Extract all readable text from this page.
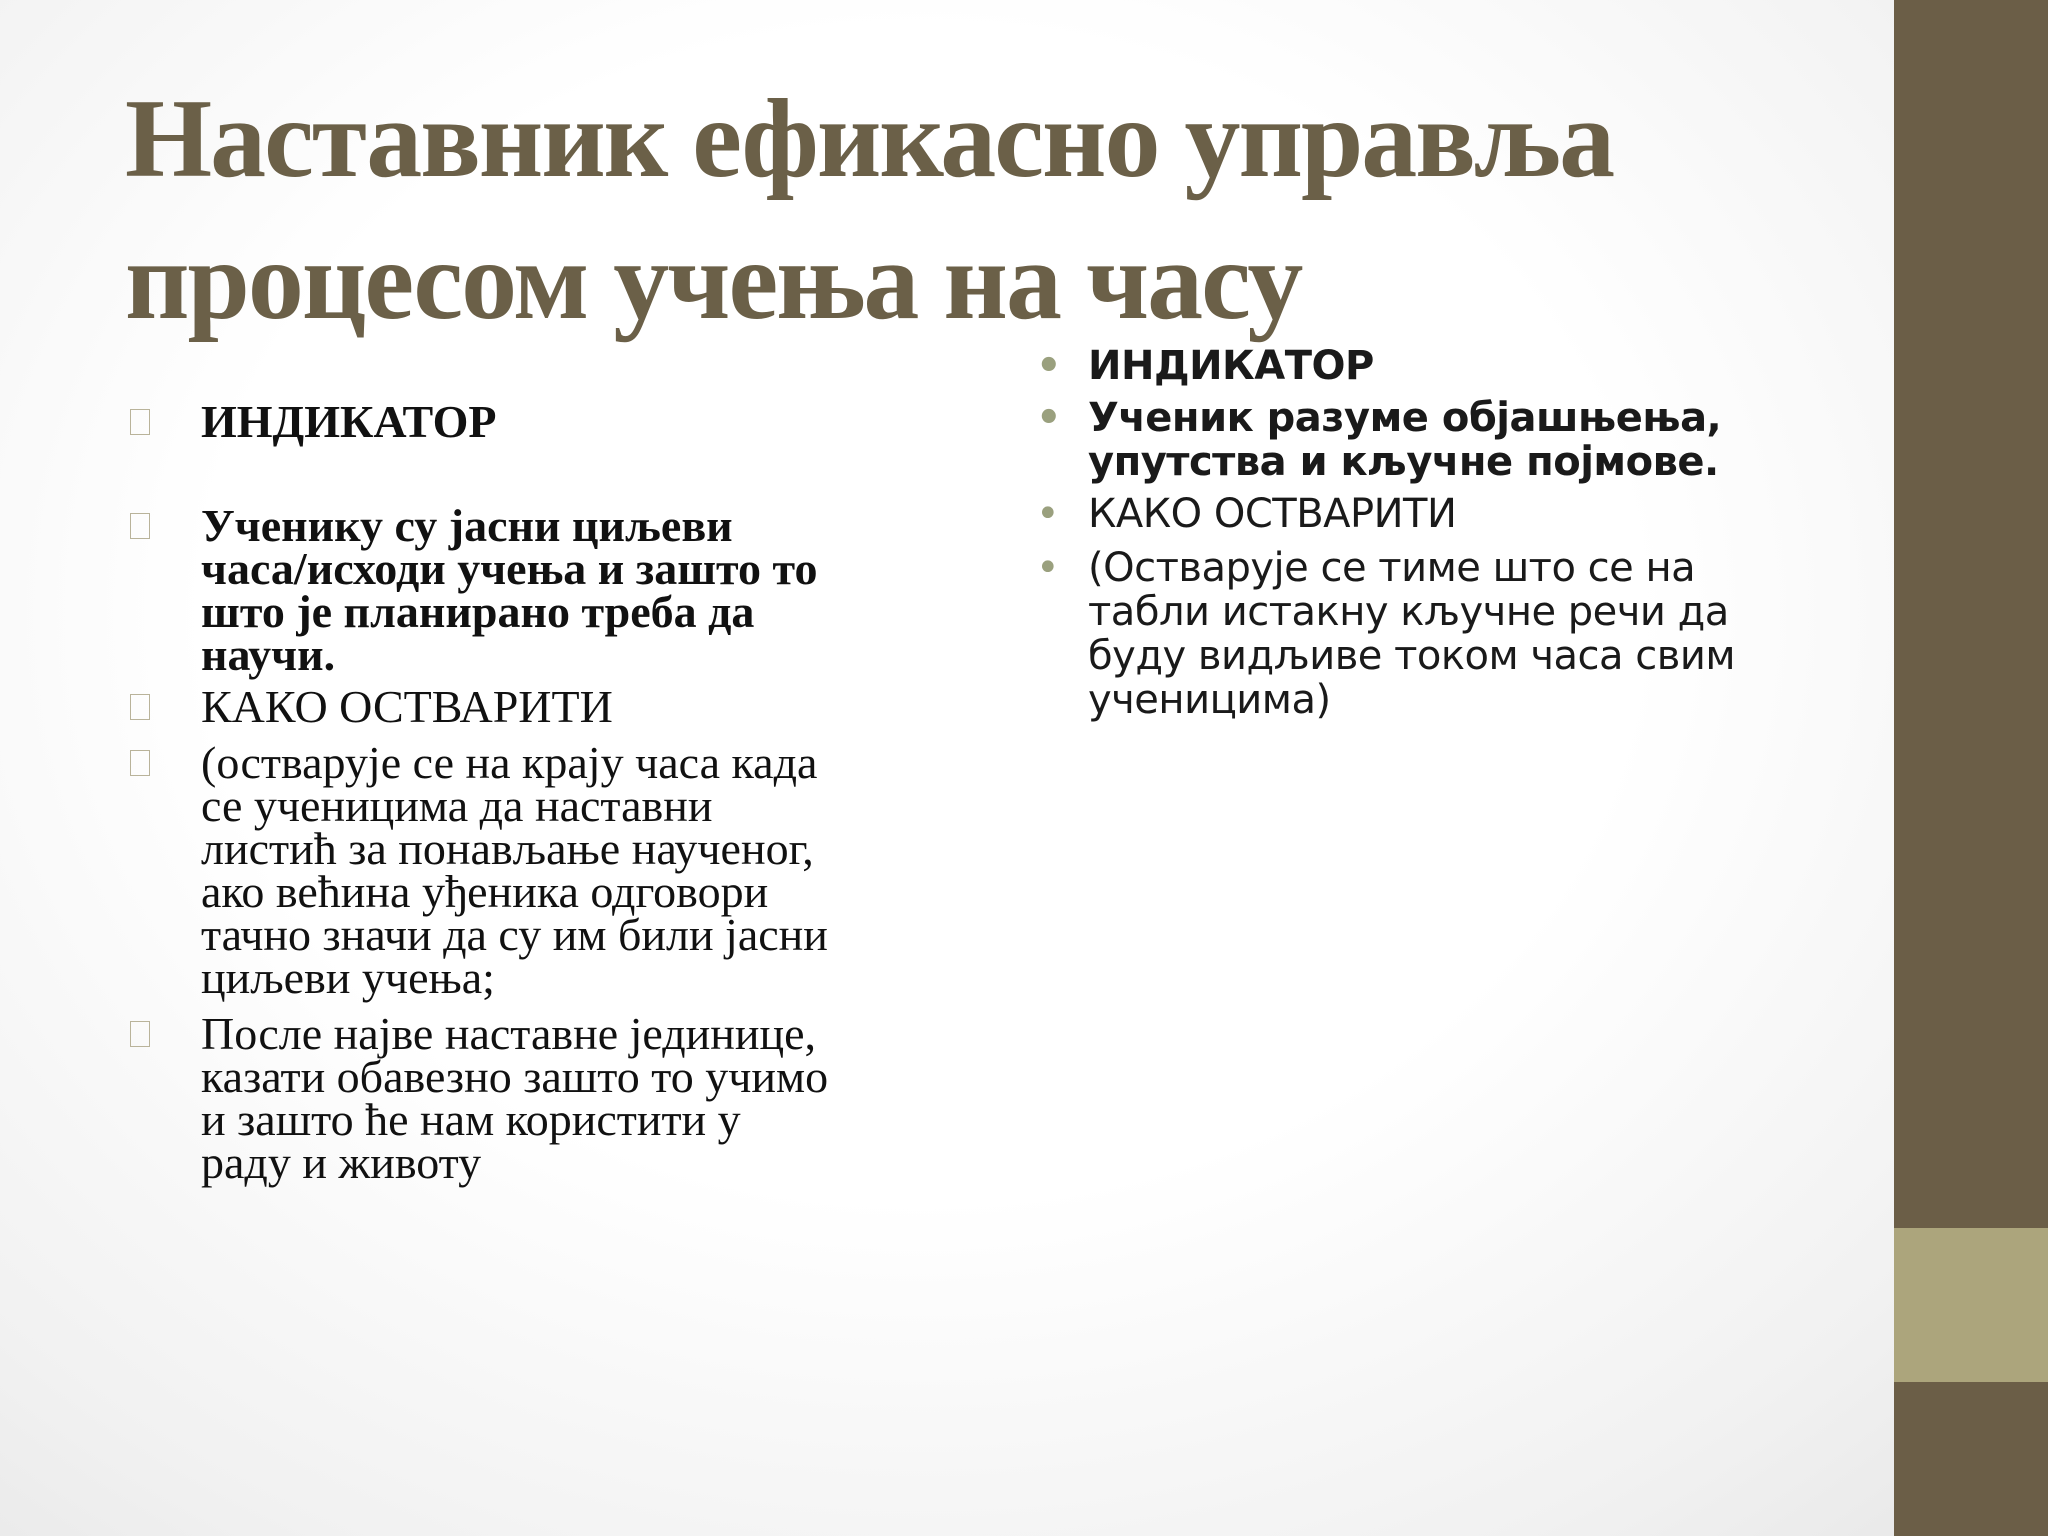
Наставник ефикасно управља
процесом учења на часу
ИНДИКАТОР
Ученику су јасни циљеви часа/исходи учења и зашто то што је планирано треба да научи.
КАКО ОСТВАРИТИ
(остварује се на крају часа када се ученицима да наставни листић за понављање наученог, ако већина уђеника одговори тачно значи да су им били јасни циљеви учења;
После најве наставне јединице, казати обавезно зашто то учимо и зашто ће нам користити у раду и животу
• ИНДИКАТОР
• Ученик разуме објашњења, упутства и кључне појмове.
• КАКО ОСТВАРИТИ
• (Остварује се тиме што се на табли истакну кључне речи да буду видљиве током часа свим ученицима)
